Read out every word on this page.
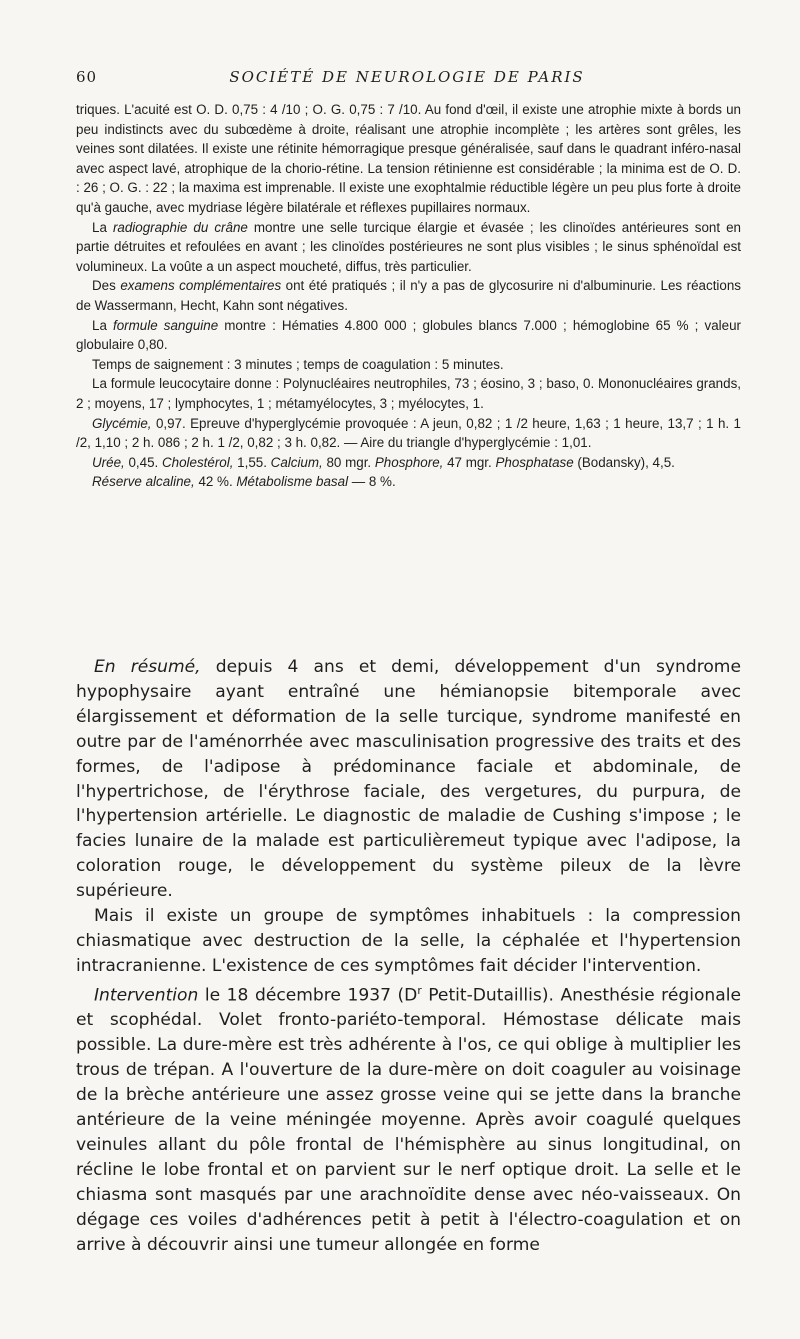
60	SOCIÉTÉ DE NEUROLOGIE DE PARIS

triques. L'acuité est O. D. 0,75 : 4 /10 ; O. G. 0,75 : 7 /10. Au fond d'œil, il existe une atrophie mixte à bords un peu indistincts avec du subœdème à droite, réalisant une atrophie incomplète ; les artères sont grêles, les veines sont dilatées. Il existe une rétinite hémorragique presque généralisée, sauf dans le quadrant inféro-nasal avec aspect lavé, atrophique de la chorio-rétine. La tension rétinienne est considérable ; la minima est de O. D. : 26 ; O. G. : 22 ; la maxima est imprenable. Il existe une exophtalmie réductible légère un peu plus forte à droite qu'à gauche, avec mydriase légère bilatérale et réflexes pupillaires normaux.

La radiographie du crâne montre une selle turcique élargie et évasée ; les clinoïdes antérieures sont en partie détruites et refoulées en avant ; les clinoïdes postérieures ne sont plus visibles ; le sinus sphénoïdal est volumineux. La voûte a un aspect moucheté, diffus, très particulier.

Des examens complémentaires ont été pratiqués ; il n'y a pas de glycosurire ni d'albuminurie. Les réactions de Wassermann, Hecht, Kahn sont négatives.

La formule sanguine montre : Hématies 4.800 000 ; globules blancs 7.000 ; hémoglobine 65 % ; valeur globulaire 0,80.

Temps de saignement : 3 minutes ; temps de coagulation : 5 minutes.

La formule leucocytaire donne : Polynucléaires neutrophiles, 73 ; éosino, 3 ; baso, 0. Mononucléaires grands, 2 ; moyens, 17 ; lymphocytes, 1 ; métamyélocytes, 3 ; myélocytes, 1.

Glycémie, 0,97. Epreuve d'hyperglycémie provoquée : A jeun, 0,82 ; 1 /2 heure, 1,63 ; 1 heure, 13,7 ; 1 h. 1 /2, 1,10 ; 2 h. 086 ; 2 h. 1 /2, 0,82 ; 3 h. 0,82. — Aire du triangle d'hyperglycémie : 1,01.

Urée, 0,45. Cholestérol, 1,55. Calcium, 80 mgr. Phosphore, 47 mgr. Phosphatase (Bodansky), 4,5.

Réserve alcaline, 42 %. Métabolisme basal — 8 %.

En résumé, depuis 4 ans et demi, développement d'un syndrome hypophysaire ayant entraîné une hémianopsie bitemporale avec élargissement et déformation de la selle turcique, syndrome manifesté en outre par de l'aménorrhée avec masculinisation progressive des traits et des formes, de l'adipose à prédominance faciale et abdominale, de l'hypertrichose, de l'érythrose faciale, des vergetures, du purpura, de l'hypertension artérielle. Le diagnostic de maladie de Cushing s'impose ; le facies lunaire de la malade est particulièremeut typique avec l'adipose, la coloration rouge, le développement du système pileux de la lèvre supérieure.

Mais il existe un groupe de symptômes inhabituels : la compression chiasmatique avec destruction de la selle, la céphalée et l'hypertension intracranienne. L'existence de ces symptômes fait décider l'intervention.

Intervention le 18 décembre 1937 ($D^r$ Petit-Dutaillis). Anesthésie régionale et scophédal. Volet fronto-pariéto-temporal. Hémostase délicate mais possible. La dure-mère est très adhérente à l'os, ce qui oblige à multiplier les trous de trépan. A l'ouverture de la dure-mère on doit coaguler au voisinage de la brèche antérieure une assez grosse veine qui se jette dans la branche antérieure de la veine méningée moyenne. Après avoir coagulé quelques veinules allant du pôle frontal de l'hémisphère au sinus longitudinal, on récline le lobe frontal et on parvient sur le nerf optique droit. La selle et le chiasma sont masqués par une arachnoïdite dense avec néo-vaisseaux. On dégage ces voiles d'adhérences petit à petit à l'électro-coagulation et on arrive à découvrir ainsi une tumeur allongée en forme
